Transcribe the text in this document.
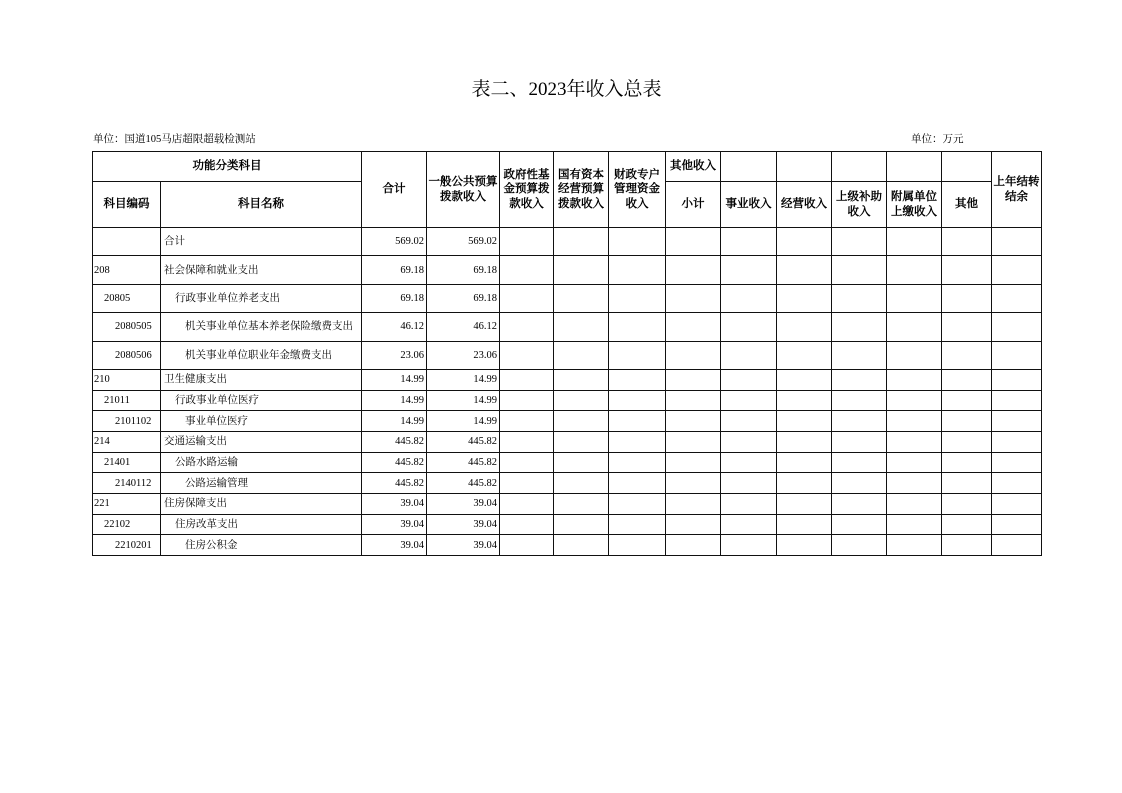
表二、2023年收入总表
单位：国道105马店超限超载检测站	单位：万元
功能分类科目		合计	一般公共预算拨款收入	政府性基金预算拨款收入	国有资本经营预算拨款收入	财政专户管理资金收入	其他收入						上年结转结余
科目编码	科目名称						小计	事业收入	经营收入	上级补助收入	附属单位上缴收入	其他	
	合计	569.02	569.02										
208	社会保障和就业支出	69.18	69.18										
20805	行政事业单位养老支出	69.18	69.18										
2080505	机关事业单位基本养老保险缴费支出	46.12	46.12										
2080506	机关事业单位职业年金缴费支出	23.06	23.06										
210	卫生健康支出	14.99	14.99										
21011	行政事业单位医疗	14.99	14.99										
2101102	事业单位医疗	14.99	14.99										
214	交通运输支出	445.82	445.82										
21401	公路水路运输	445.82	445.82										
2140112	公路运输管理	445.82	445.82										
221	住房保障支出	39.04	39.04										
22102	住房改革支出	39.04	39.04										
2210201	住房公积金	39.04	39.04										
